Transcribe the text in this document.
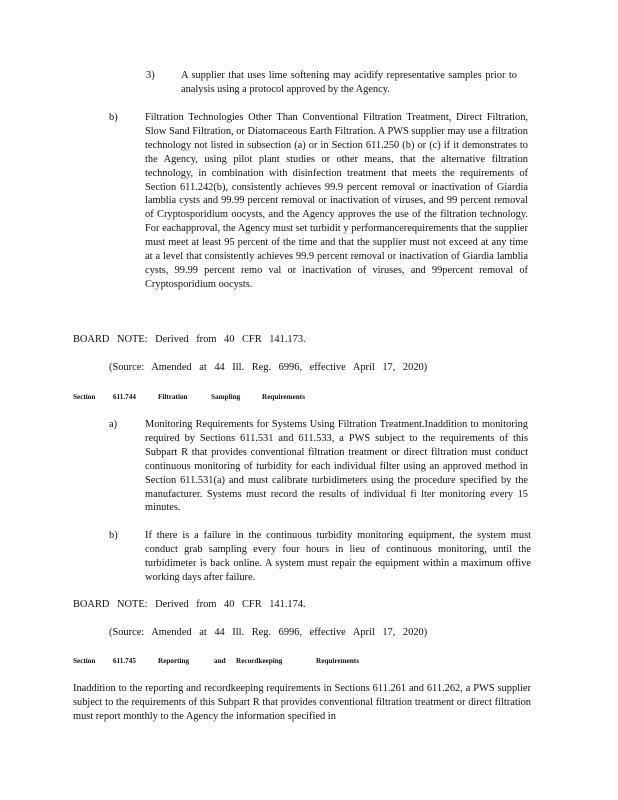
3)	A supplier that uses lime softening may acidify representative samples prior to analysis using a protocol approved by the Agency.
b)	Filtration Technologies Other Than Conventional Filtration Treatment, Direct Filtration, Slow Sand Filtration, or Diatomaceous Earth Filtration. A PWS supplier may use a filtration technology not listed in subsection (a) or in Section 611.250 (b) or (c) if it demonstrates to the Agency, using pilot plant studies or other means, that the alternative filtration technology, in combination with disinfection treatment that meets the requirements of Section 611.242(b), consistently achieves 99.9 percent removal or inactivation of Giardia lamblia cysts and 99.99 percent removal or inactivation of viruses, and 99 percent removal of Cryptosporidium oocysts, and the Agency approves the use of the filtration technology. For eachapproval, the Agency must set turbidit y performancerequirements that the supplier must meet at least 95 percent of the time and that the supplier must not exceed at any time at a level that consistently achieves 99.9 percent removal or inactivation of Giardia lamblia cysts, 99.99 percent remo val or inactivation of viruses, and 99percent removal of Cryptosporidium oocysts.
BOARD NOTE: Derived from 40 CFR 141.173.
(Source: Amended at 44 Ill. Reg. 6996, effective April 17, 2020)
Section	611.744	Filtration	Sampling	Requirements
a)	Monitoring Requirements for Systems Using Filtration Treatment.Inaddition to monitoring required by Sections 611.531 and 611.533, a PWS subject to the requirements of this Subpart R that provides conventional filtration treatment or direct filtration must conduct continuous monitoring of turbidity for each individual filter using an approved method in Section 611.531(a) and must calibrate turbidimeters using the procedure specified by the manufacturer. Systems must record the results of individual fi lter monitoring every 15 minutes.
b)	If there is a failure in the continuous turbidity monitoring equipment, the system must conduct grab sampling every four hours in lieu of continuous monitoring, until the turbidimeter is back online. A system must repair the equipment within a maximum offive working days after failure.
BOARD NOTE: Derived from 40 CFR 141.174.
(Source: Amended at 44 Ill. Reg. 6996, effective April 17, 2020)
Section	611.745	Reporting	and	Recordkeeping	Requirements
Inaddition to the reporting and recordkeeping requirements in Sections 611.261 and 611.262, a PWS supplier subject to the requirements of this Subpart R that provides conventional filtration treatment or direct filtration must report monthly to the Agency the information specified in
